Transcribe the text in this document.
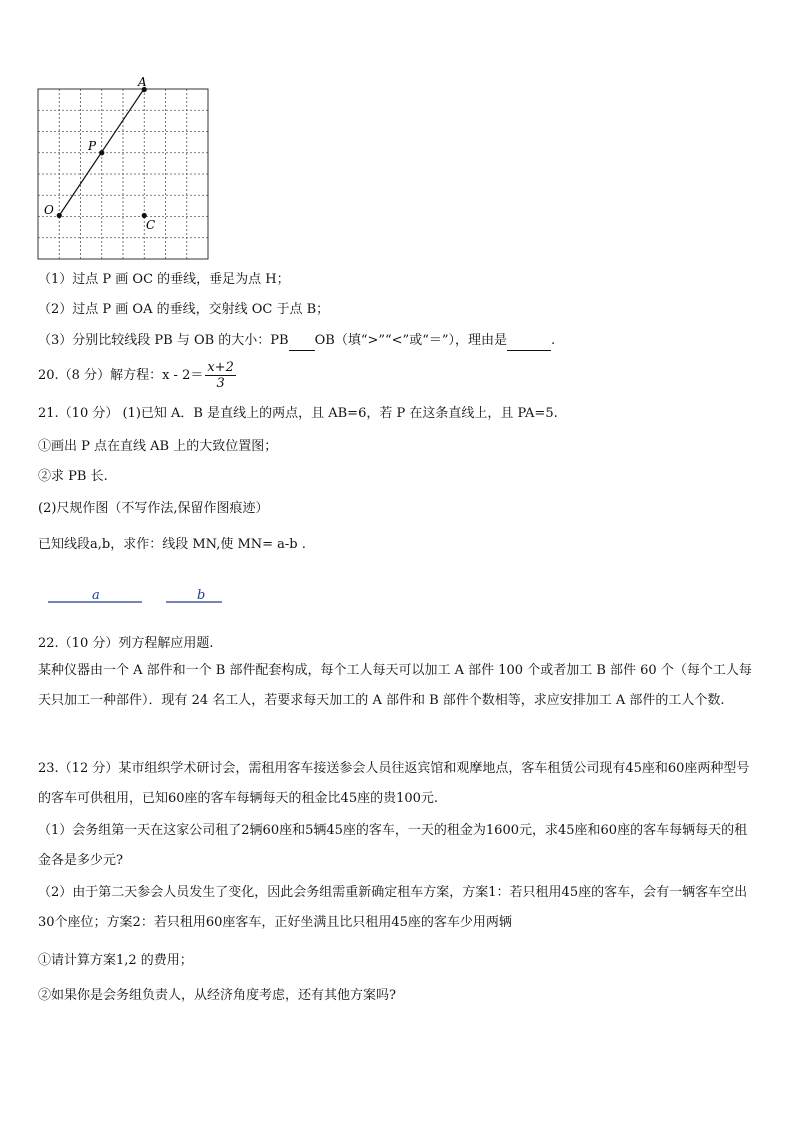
A
P
O
C
（1）过点 P 画 OC 的垂线，垂足为点 H；
（2）过点 P 画 OA 的垂线，交射线 OC 于点 B；
（3）分别比较线段 PB 与 OB 的大小：PB OB（填“>”“<”或“＝”），理由是	.
20.（8 分）解方程：$x - 2= \frac{x+2}{3}$
21.（10 分） (1)已知 A．B 是直线上的两点，且 AB=6，若 P 在这条直线上，且 PA=5.
①画出 P 点在直线 AB 上的大致位置图；
②求 PB 长.
(2)尺规作图（不写作法,保留作图痕迹）
已知线段a,b，求作：线段 MN,使 MN= a-b .
a	b
22.（10 分）列方程解应用题.
某种仪器由一个 A 部件和一个 B 部件配套构成，每个工人每天可以加工 A 部件 100 个或者加工 B 部件 60 个（每个工人每天只加工一种部件）．现有 24 名工人，若要求每天加工的 A 部件和 B 部件个数相等，求应安排加工 A 部件的工人个数.
23.（12 分）某市组织学术研讨会，需租用客车接送参会人员往返宾馆和观摩地点，客车租赁公司现有45座和60座两种型号的客车可供租用，已知60座的客车每辆每天的租金比45座的贵100元.
（1）会务组第一天在这家公司租了2辆60座和5辆45座的客车，一天的租金为1600元，求45座和60座的客车每辆每天的租金各是多少元?
（2）由于第二天参会人员发生了变化，因此会务组需重新确定租车方案，方案1：若只租用45座的客车，会有一辆客车空出30个座位；方案2：若只租用60座客车，正好坐满且比只租用45座的客车少用两辆
①请计算方案1,2 的费用；
②如果你是会务组负责人，从经济角度考虑，还有其他方案吗?
